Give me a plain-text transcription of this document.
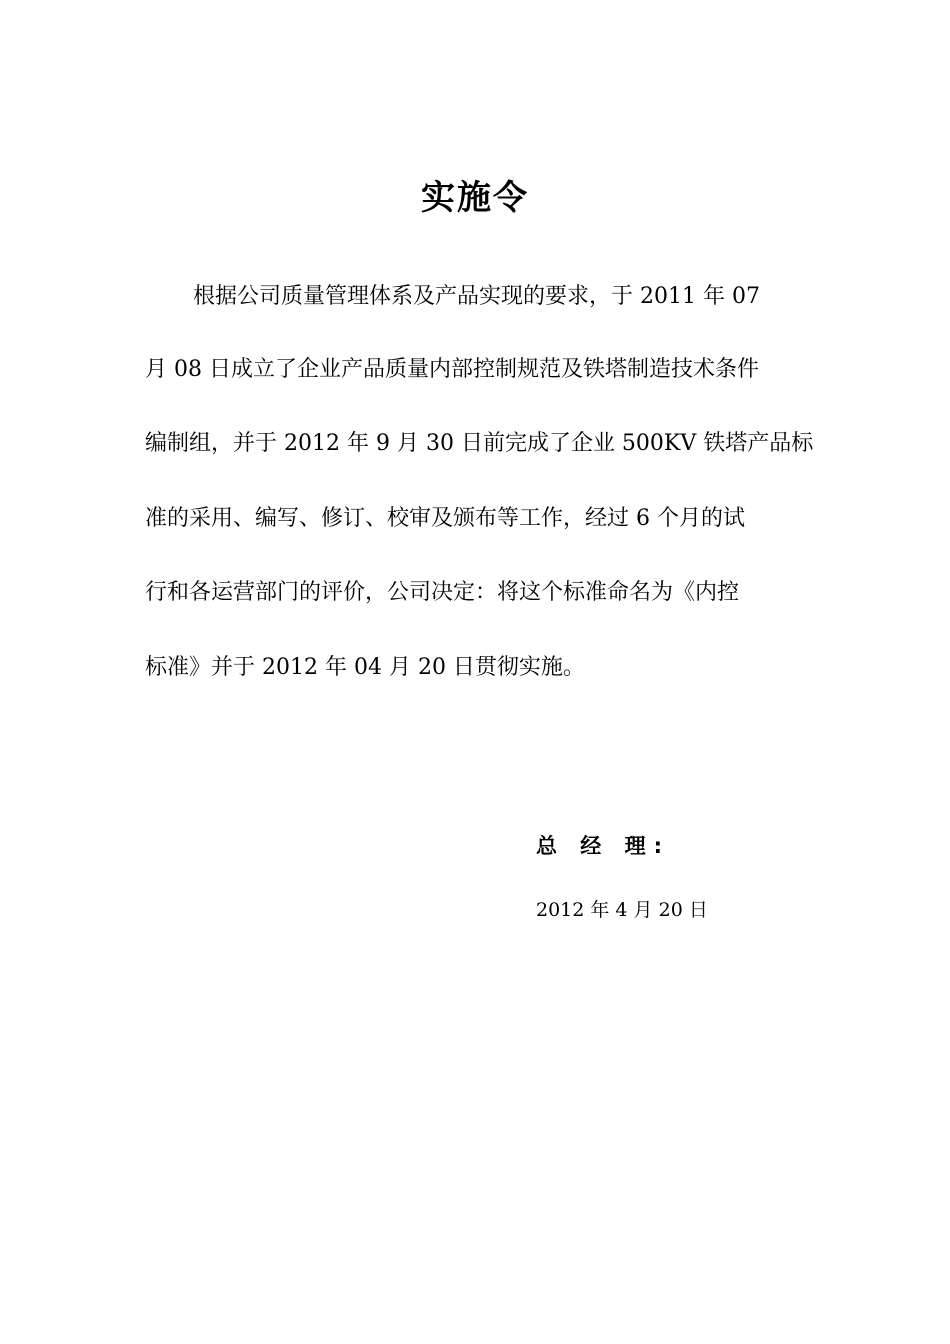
实施令

根据公司质量管理体系及产品实现的要求，于 2011 年 07

月 08 日成立了企业产品质量内部控制规范及铁塔制造技术条件

编制组，并于 2012 年 9 月 30 日前完成了企业 500KV 铁塔产品标

准的采用、编写、修订、校审及颁布等工作，经过 6 个月的试

行和各运营部门的评价，公司决定：将这个标准命名为《内控

标准》并于 2012 年 04 月 20 日贯彻实施。

总 经 理:

2012 年 4 月 20 日
